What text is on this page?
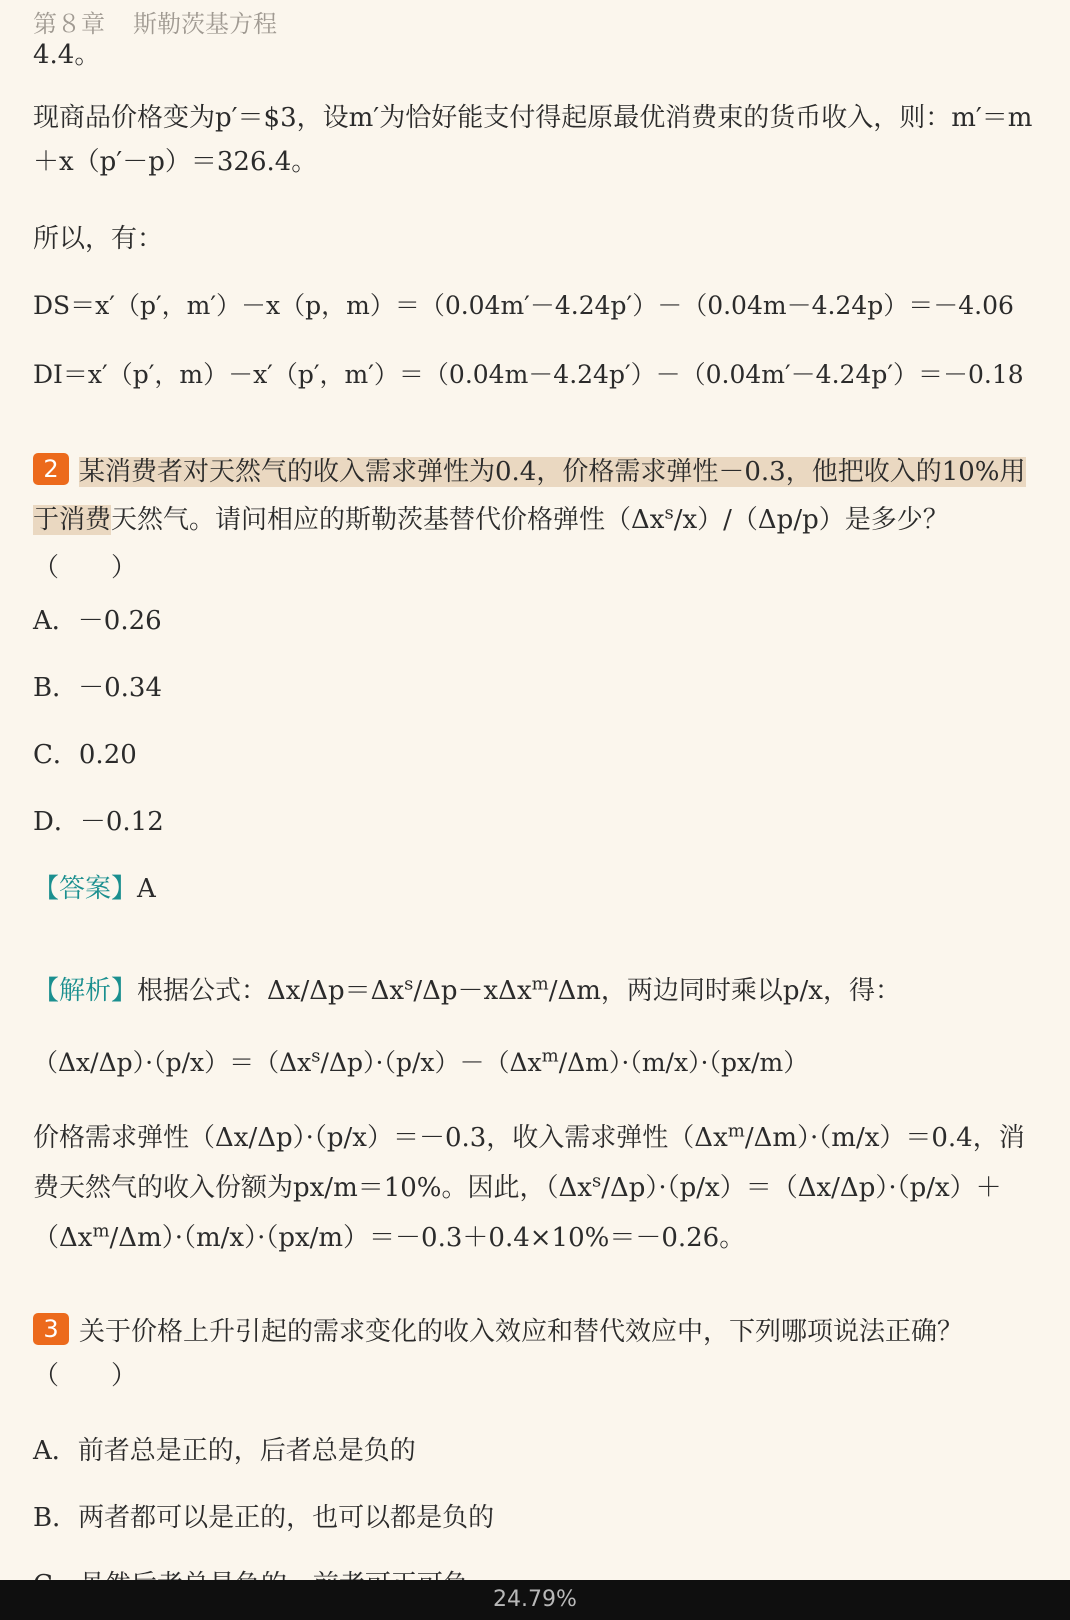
第８章 斯勒茨基方程
4.4。
现商品价格变为p′＝$3，设m′为恰好能支付得起原最优消费束的货币收入，则：m′＝m＋x（p′－p）＝326.4。
所以，有：
DS＝x′（p′，m′）－x（p，m）＝（0.04m′－4.24p′）－（0.04m－4.24p）＝－4.06
DI＝x′（p′，m）－x′（p′，m′）＝（0.04m－4.24p′）－（0.04m′－4.24p′）＝－0.18
2 某消费者对天然气的收入需求弹性为0.4，价格需求弹性－0.3，他把收入的10%用于消费天然气。请问相应的斯勒茨基替代价格弹性$(\Delta x^s/x)/(\Delta p/p)$是多少？（　　）
A．－0.26
B．－0.34
C．0.20
D．－0.12
【答案】A
【解析】根据公式：$\Delta x/\Delta p=\Delta x^s/\Delta p-x\Delta x^m/\Delta m$，两边同时乘以p/x，得：
$(\Delta x/\Delta p)\cdot(p/x)=(\Delta x^s/\Delta p)\cdot(p/x)-(\Delta x^m/\Delta m)\cdot(m/x)\cdot(px/m)$
价格需求弹性（Δx/Δp）·（p/x）＝－0.3，收入需求弹性$(\Delta x^m/\Delta m)\cdot(m/x)=0.4$，消费天然气的收入份额为px/m＝10%。因此，$(\Delta x^s/\Delta p)\cdot(p/x)=(\Delta x/\Delta p)\cdot(p/x)+(\Delta x^m/\Delta m)\cdot(m/x)\cdot(px/m)=-0.3+0.4\times 10\%=-0.26$。
3 关于价格上升引起的需求变化的收入效应和替代效应中，下列哪项说法正确？（　　）
A．前者总是正的，后者总是负的
B．两者都可以是正的，也可以都是负的
24.79%
